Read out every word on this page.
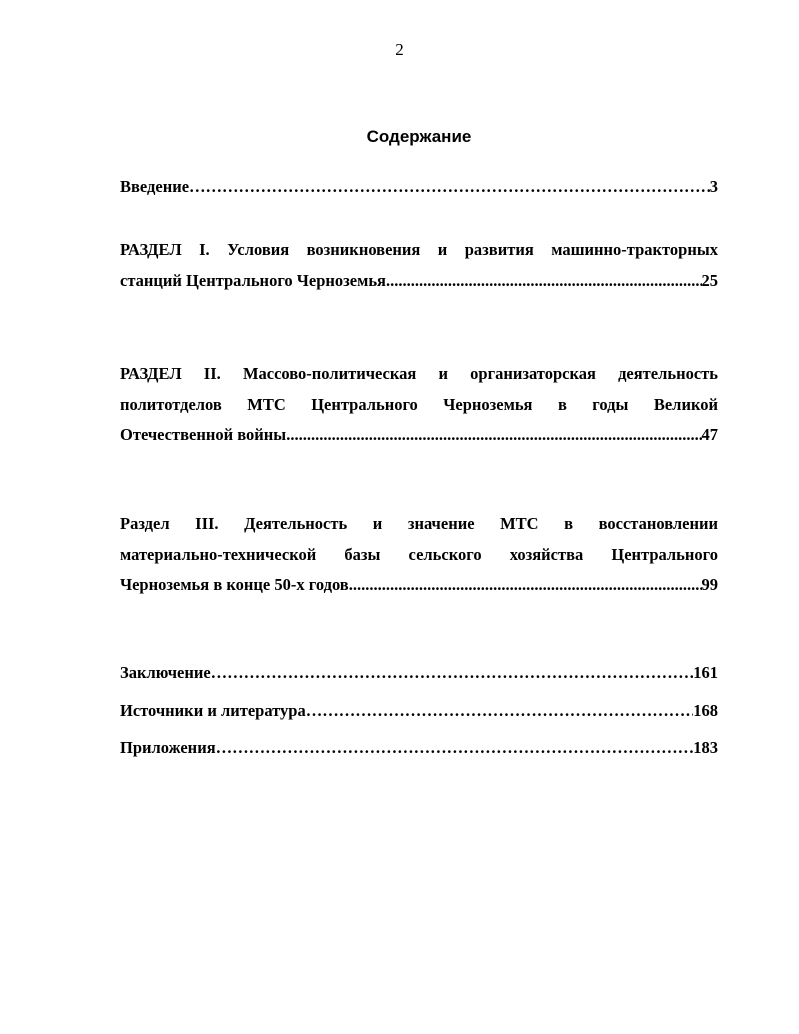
2
Содержание
Введение …………………………………………………………………………………………………………………………………………	3
РАЗДЕЛ I. Условия возникновения и развития машинно-тракторных
станций Центрального Черноземья .....	25
РАЗДЕЛ II. Массово-политическая и организаторская деятельность
политотделов МТС Центрального Черноземья в годы Великой
Отечественной войны .....	47
Раздел III. Деятельность и значение МТС в восстановлении
материально-технической базы сельского хозяйства Центрального
Черноземья в конце 50-х годов .....	99
Заключение …………………………………………………………………………………………………………………………………………	161
Источники и литература …………………………………………………………………………………………………………………………………………	168
Приложения …………………………………………………………………………………………………………………………………………	183
